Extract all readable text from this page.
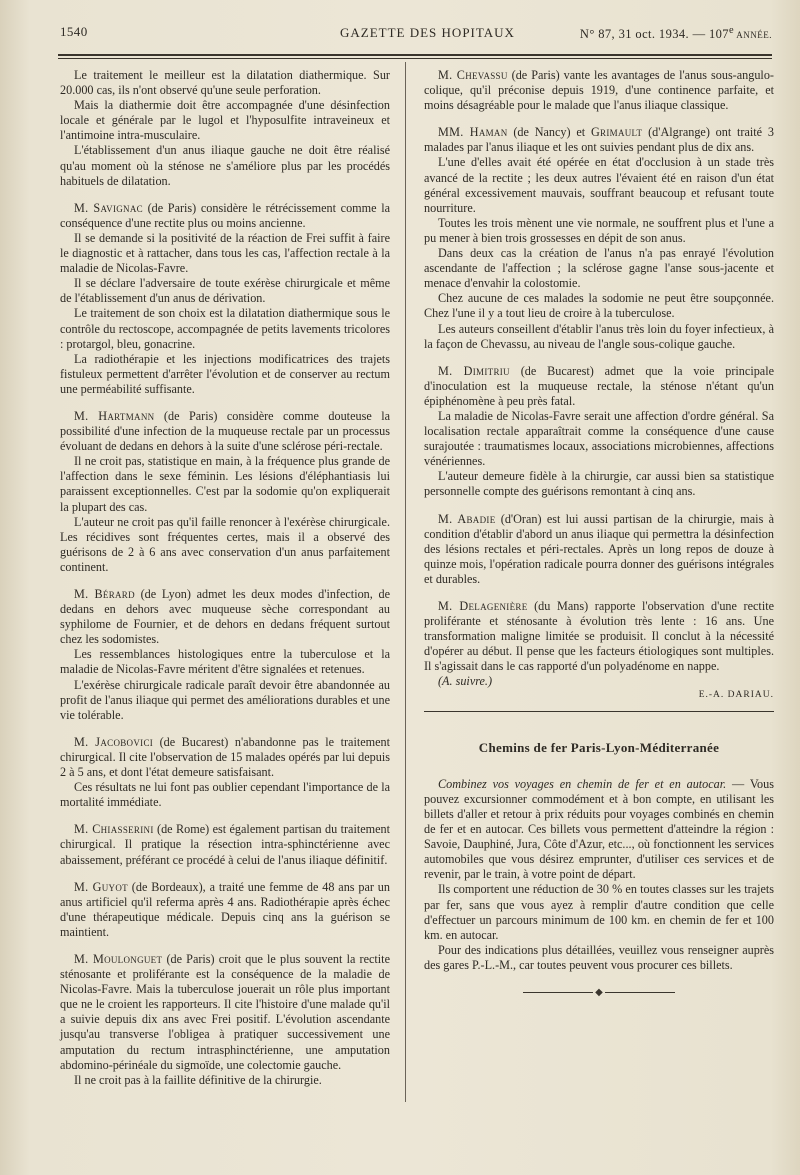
1540	GAZETTE DES HOPITAUX	N° 87, 31 oct. 1934. — 107e ANNÉE.

Le traitement le meilleur est la dilatation diathermique. Sur 20.000 cas, ils n'ont observé qu'une seule perforation.

Mais la diathermie doit être accompagnée d'une désinfection locale et générale par le lugol et l'hyposulfite intraveineux et l'antimoine intra-musculaire.

L'établissement d'un anus iliaque gauche ne doit être réalisé qu'au moment où la sténose ne s'améliore plus par les procédés habituels de dilatation.

M. Savignac (de Paris) considère le rétrécissement comme la conséquence d'une rectite plus ou moins ancienne.

Il se demande si la positivité de la réaction de Frei suffit à faire le diagnostic et à rattacher, dans tous les cas, l'affection rectale à la maladie de Nicolas-Favre.

Il se déclare l'adversaire de toute exérèse chirurgicale et même de l'établissement d'un anus de dérivation.

Le traitement de son choix est la dilatation diathermique sous le contrôle du rectoscope, accompagnée de petits lavements tricolores : protargol, bleu, gonacrine.

La radiothérapie et les injections modificatrices des trajets fistuleux permettent d'arrêter l'évolution et de conserver au rectum une perméabilité suffisante.

M. Hartmann (de Paris) considère comme douteuse la possibilité d'une infection de la muqueuse rectale par un processus évoluant de dedans en dehors à la suite d'une sclérose péri-rectale.

Il ne croit pas, statistique en main, à la fréquence plus grande de l'affection dans le sexe féminin. Les lésions d'éléphantiasis lui paraissent exceptionnelles. C'est par la sodomie qu'on expliquerait la plupart des cas.

L'auteur ne croit pas qu'il faille renoncer à l'exérèse chirurgicale. Les récidives sont fréquentes certes, mais il a observé des guérisons de 2 à 6 ans avec conservation d'un anus parfaitement continent.

M. Bérard (de Lyon) admet les deux modes d'infection, de dedans en dehors avec muqueuse sèche correspondant au syphilome de Fournier, et de dehors en dedans fréquent surtout chez les sodomistes.

Les ressemblances histologiques entre la tuberculose et la maladie de Nicolas-Favre méritent d'être signalées et retenues.

L'exérèse chirurgicale radicale paraît devoir être abandonnée au profit de l'anus iliaque qui permet des améliorations durables et une vie tolérable.

M. Jacobovici (de Bucarest) n'abandonne pas le traitement chirurgical. Il cite l'observation de 15 malades opérés par lui depuis 2 à 5 ans, et dont l'état demeure satisfaisant.

Ces résultats ne lui font pas oublier cependant l'importance de la mortalité immédiate.

M. Chiasserini (de Rome) est également partisan du traitement chirurgical. Il pratique la résection intra-sphinctérienne avec abaissement, préférant ce procédé à celui de l'anus iliaque définitif.

M. Guyot (de Bordeaux), a traité une femme de 48 ans par un anus artificiel qu'il referma après 4 ans. Radiothérapie après échec d'une thérapeutique médicale. Depuis cinq ans la guérison se maintient.

M. Moulonguet (de Paris) croit que le plus souvent la rectite sténosante et proliférante est la conséquence de la maladie de Nicolas-Favre. Mais la tuberculose jouerait un rôle plus important que ne le croient les rapporteurs. Il cite l'histoire d'une malade qu'il a suivie depuis dix ans avec Frei positif. L'évolution ascendante jusqu'au transverse l'obligea à pratiquer successivement une amputation du rectum intrasphinctérienne, une amputation abdomino-périnéale du sigmoïde, une colectomie gauche.

Il ne croit pas à la faillite définitive de la chirurgie.

M. Chevassu (de Paris) vante les avantages de l'anus sous-angulo-colique, qu'il préconise depuis 1919, d'une continence parfaite, et moins désagréable pour le malade que l'anus iliaque classique.

MM. Haman (de Nancy) et Grimault (d'Algrange) ont traité 3 malades par l'anus iliaque et les ont suivies pendant plus de dix ans.

L'une d'elles avait été opérée en état d'occlusion à un stade très avancé de la rectite ; les deux autres l'évaient été en raison d'un état général excessivement mauvais, souffrant beaucoup et refusant toute nourriture.

Toutes les trois mènent une vie normale, ne souffrent plus et l'une a pu mener à bien trois grossesses en dépit de son anus.

Dans deux cas la création de l'anus n'a pas enrayé l'évolution ascendante de l'affection ; la sclérose gagne l'anse sous-jacente et menace d'envahir la colostomie.

Chez aucune de ces malades la sodomie ne peut être soupçonnée. Chez l'une il y a tout lieu de croire à la tuberculose.

Les auteurs conseillent d'établir l'anus très loin du foyer infectieux, à la façon de Chevassu, au niveau de l'angle sous-colique gauche.

M. Dimitriu (de Bucarest) admet que la voie principale d'inoculation est la muqueuse rectale, la sténose n'étant qu'un épiphénomène à peu près fatal.

La maladie de Nicolas-Favre serait une affection d'ordre général. Sa localisation rectale apparaîtrait comme la conséquence d'une cause surajoutée : traumatismes locaux, associations microbiennes, affections vénériennes.

L'auteur demeure fidèle à la chirurgie, car aussi bien sa statistique personnelle compte des guérisons remontant à cinq ans.

M. Abadie (d'Oran) est lui aussi partisan de la chirurgie, mais à condition d'établir d'abord un anus iliaque qui permettra la désinfection des lésions rectales et péri-rectales. Après un long repos de douze à quinze mois, l'opération radicale pourra donner des guérisons intégrales et durables.

M. Delagenière (du Mans) rapporte l'observation d'une rectite proliférante et sténosante à évolution très lente : 16 ans. Une transformation maligne limitée se produisit. Il conclut à la nécessité d'opérer au début. Il pense que les facteurs étiologiques sont multiples. Il s'agissait dans le cas rapporté d'un polyadénome en nappe.

(A. suivre.)

E.-A. DARIAU.
Chemins de fer Paris-Lyon-Méditerranée

Combinez vos voyages en chemin de fer et en autocar. — Vous pouvez excursionner commodément et à bon compte, en utilisant les billets d'aller et retour à prix réduits pour voyages combinés en chemin de fer et en autocar. Ces billets vous permettent d'atteindre la région : Savoie, Dauphiné, Jura, Côte d'Azur, etc..., où fonctionnent les services automobiles que vous désirez emprunter, d'utiliser ces services et de revenir, par le train, à votre point de départ.

Ils comportent une réduction de 30 % en toutes classes sur les trajets par fer, sans que vous ayez à remplir d'autre condition que celle d'effectuer un parcours minimum de 100 km. en chemin de fer et 100 km. en autocar.

Pour des indications plus détaillées, veuillez vous renseigner auprès des gares P.-L.-M., car toutes peuvent vous procurer ces billets.

◆
